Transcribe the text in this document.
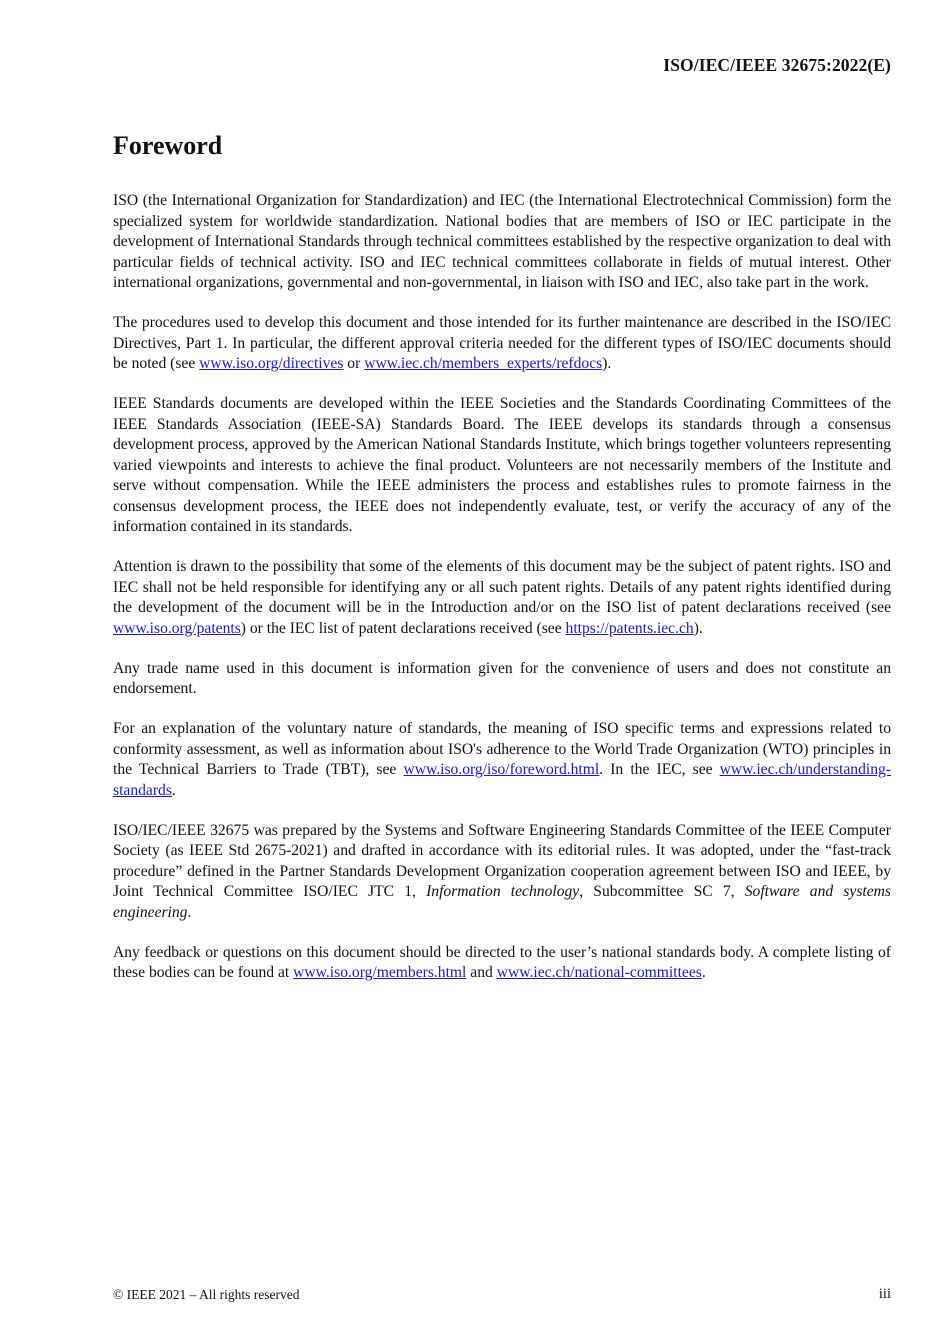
ISO/IEC/IEEE 32675:2022(E)
Foreword

ISO (the International Organization for Standardization) and IEC (the International Electrotechnical Commission) form the specialized system for worldwide standardization. National bodies that are members of ISO or IEC participate in the development of International Standards through technical committees established by the respective organization to deal with particular fields of technical activity. ISO and IEC technical committees collaborate in fields of mutual interest. Other international organizations, governmental and non-governmental, in liaison with ISO and IEC, also take part in the work.

The procedures used to develop this document and those intended for its further maintenance are described in the ISO/IEC Directives, Part 1. In particular, the different approval criteria needed for the different types of ISO/IEC documents should be noted (see www.iso.org/directives or www.iec.ch/members_experts/refdocs).

IEEE Standards documents are developed within the IEEE Societies and the Standards Coordinating Committees of the IEEE Standards Association (IEEE-SA) Standards Board. The IEEE develops its standards through a consensus development process, approved by the American National Standards Institute, which brings together volunteers representing varied viewpoints and interests to achieve the final product. Volunteers are not necessarily members of the Institute and serve without compensation. While the IEEE administers the process and establishes rules to promote fairness in the consensus development process, the IEEE does not independently evaluate, test, or verify the accuracy of any of the information contained in its standards.

Attention is drawn to the possibility that some of the elements of this document may be the subject of patent rights. ISO and IEC shall not be held responsible for identifying any or all such patent rights. Details of any patent rights identified during the development of the document will be in the Introduction and/or on the ISO list of patent declarations received (see www.iso.org/patents) or the IEC list of patent declarations received (see https://patents.iec.ch).

Any trade name used in this document is information given for the convenience of users and does not constitute an endorsement.

For an explanation of the voluntary nature of standards, the meaning of ISO specific terms and expressions related to conformity assessment, as well as information about ISO's adherence to the World Trade Organization (WTO) principles in the Technical Barriers to Trade (TBT), see www.iso.org/iso/foreword.html. In the IEC, see www.iec.ch/understanding-standards.

ISO/IEC/IEEE 32675 was prepared by the Systems and Software Engineering Standards Committee of the IEEE Computer Society (as IEEE Std 2675-2021) and drafted in accordance with its editorial rules. It was adopted, under the “fast-track procedure” defined in the Partner Standards Development Organization cooperation agreement between ISO and IEEE, by Joint Technical Committee ISO/IEC JTC 1, Information technology, Subcommittee SC 7, Software and systems engineering.

Any feedback or questions on this document should be directed to the user’s national standards body. A complete listing of these bodies can be found at www.iso.org/members.html and www.iec.ch/national-committees.

© IEEE 2021 – All rights reserved	iii
